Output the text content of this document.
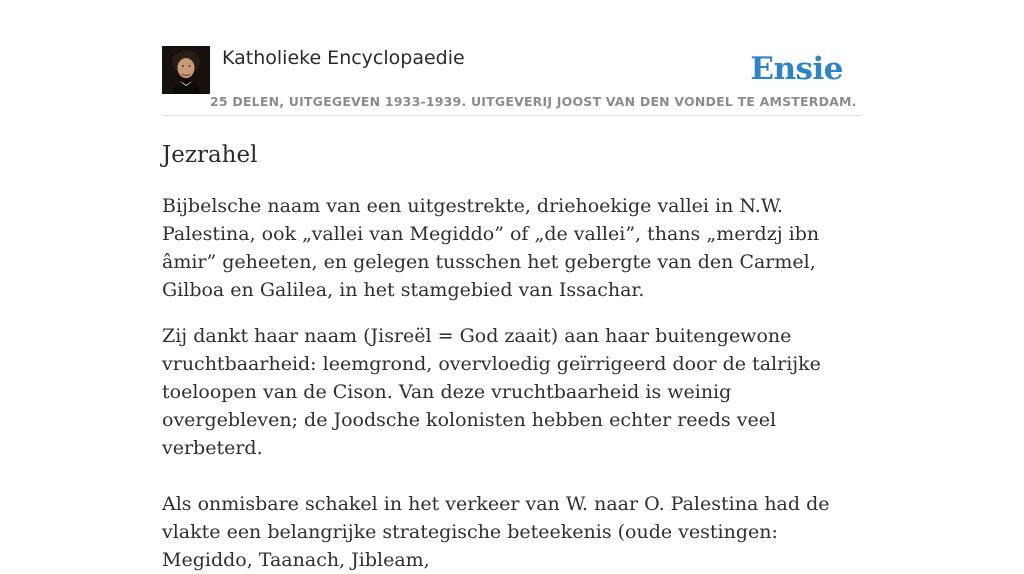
Katholieke Encyclopaedie
25 DELEN, UITGEGEVEN 1933-1939. UITGEVERIJ JOOST VAN DEN VONDEL TE AMSTERDAM.
Ensie
Jezrahel

Bijbelsche naam van een uitgestrekte, driehoekige vallei in N.W. Palestina, ook „vallei van Megiddo” of „de vallei”, thans „merdzj ibn âmir” geheeten, en gelegen tusschen het gebergte van den Carmel, Gilboa en Galilea, in het stamgebied van Issachar.

Zij dankt haar naam (Jisreël = God zaait) aan haar buitengewone vruchtbaarheid: leemgrond, overvloedig geïrrigeerd door de talrijke toeloopen van de Cison. Van deze vruchtbaarheid is weinig overgebleven; de Joodsche kolonisten hebben echter reeds veel verbeterd.

Als onmisbare schakel in het verkeer van W. naar O. Palestina had de vlakte een belangrijke strategische beteekenis (oude vestingen: Megiddo, Taanach, Jibleam,
